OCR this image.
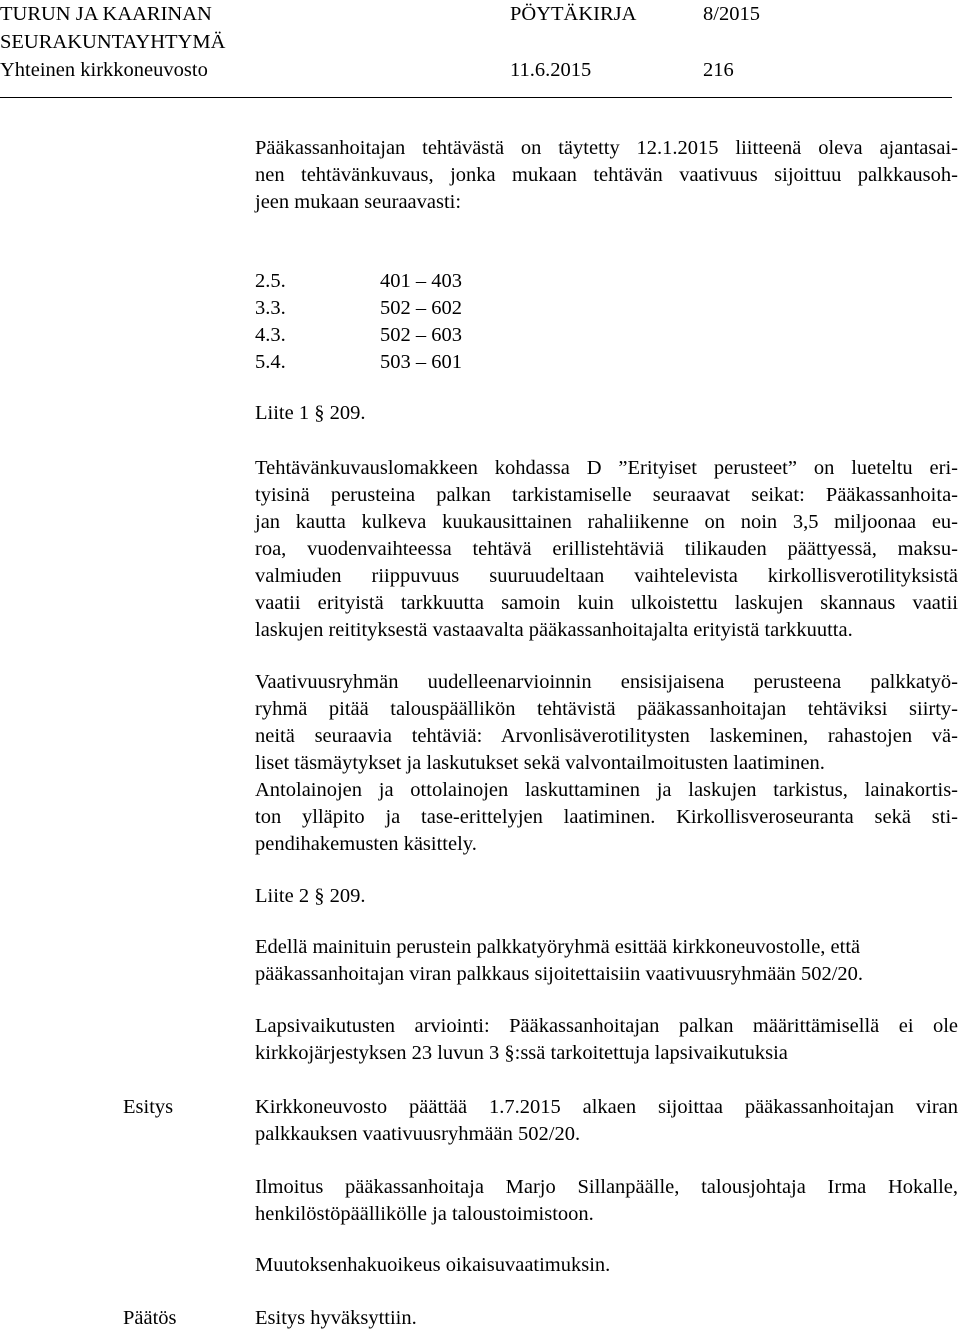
TURUN JA KAARINAN	PÖYTÄKIRJA	8/2015
SEURAKUNTAYHTYMÄ
Yhteinen kirkkoneuvosto	11.6.2015	216
Pääkassanhoitajan tehtävästä on täytetty 12.1.2015 liitteenä oleva ajantasai-
nen tehtävänkuvaus, jonka mukaan tehtävän vaativuus sijoittuu palkkausoh-
jeen mukaan seuraavasti:
2.5.	401 – 403
3.3.	502 – 602
4.3.	502 – 603
5.4.	503 – 601
Liite 1 § 209.
Tehtävänkuvauslomakkeen kohdassa D ”Erityiset perusteet” on lueteltu eri-
tyisinä perusteina palkan tarkistamiselle seuraavat seikat: Pääkassanhoita-
jan kautta kulkeva kuukausittainen rahaliikenne on noin 3,5 miljoonaa eu-
roa, vuodenvaihteessa tehtävä erillistehtäviä tilikauden päättyessä, maksu-
valmiuden riippuvuus suuruudeltaan vaihtelevista kirkollisverotilityksistä
vaatii erityistä tarkkuutta samoin kuin ulkoistettu laskujen skannaus vaatii
laskujen reitityksestä vastaavalta pääkassanhoitajalta erityistä tarkkuutta.
Vaativuusryhmän uudelleenarvioinnin ensisijaisena perusteena palkkatyö-
ryhmä pitää talouspäällikön tehtävistä pääkassanhoitajan tehtäviksi siirty-
neitä seuraavia tehtäviä: Arvonlisäverotilitysten laskeminen, rahastojen vä-
liset täsmäytykset ja laskutukset sekä valvontailmoitusten laatiminen.
Antolainojen ja ottolainojen laskuttaminen ja laskujen tarkistus, lainakortis-
ton ylläpito ja tase-erittelyjen laatiminen. Kirkollisveroseuranta sekä sti-
pendihakemusten käsittely.
Liite 2 § 209.
Edellä mainituin perustein palkkatyöryhmä esittää kirkkoneuvostolle, että
pääkassanhoitajan viran palkkaus sijoitettaisiin vaativuusryhmään 502/20.
Lapsivaikutusten arviointi: Pääkassanhoitajan palkan määrittämisellä ei ole
kirkkojärjestyksen 23 luvun 3 §:ssä tarkoitettuja lapsivaikutuksia
Esitys	Kirkkoneuvosto päättää 1.7.2015 alkaen sijoittaa pääkassanhoitajan viran
palkkauksen vaativuusryhmään 502/20.
Ilmoitus pääkassanhoitaja Marjo Sillanpäälle, talousjohtaja Irma Hokalle,
henkilöstöpäällikölle ja taloustoimistoon.
Muutoksenhakuoikeus oikaisuvaatimuksin.
Päätös	Esitys hyväksyttiin.
